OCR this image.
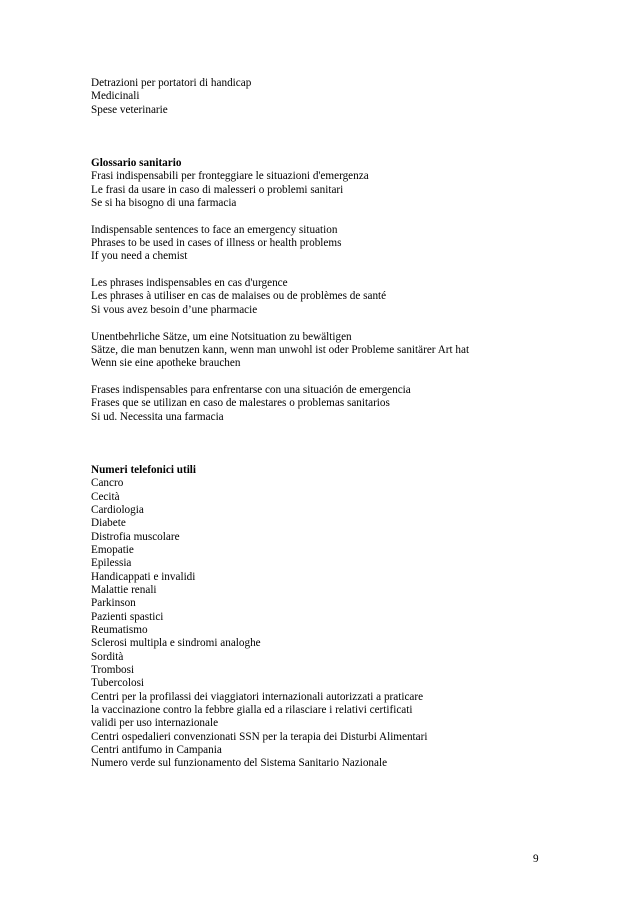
Detrazioni per portatori di handicap
Medicinali
Spese veterinarie
Glossario sanitario
Frasi indispensabili per fronteggiare le situazioni d'emergenza
Le frasi da usare in caso di malesseri o problemi sanitari
Se si ha bisogno di una farmacia
Indispensable sentences to face an emergency situation
Phrases to be used in cases of illness or health problems
If you need a chemist
Les phrases indispensables en cas d'urgence
Les phrases à utiliser en cas de malaises ou de problèmes de santé
Si vous avez besoin d’une pharmacie
Unentbehrliche Sätze, um eine Notsituation zu bewältigen
Sätze, die man benutzen kann, wenn man unwohl ist oder Probleme sanitärer Art hat
Wenn sie eine apotheke brauchen
Frases indispensables para enfrentarse con una situación de emergencia
Frases que se utilizan en caso de malestares o problemas sanitarios
Si ud. Necessita una farmacia
Numeri telefonici utili
Cancro
Cecità
Cardiologia
Diabete
Distrofia muscolare
Emopatie
Epilessia
Handicappati e invalidi
Malattie renali
Parkinson
Pazienti spastici
Reumatismo
Sclerosi multipla e sindromi analoghe
Sordità
Trombosi
Tubercolosi
Centri per la profilassi dei viaggiatori internazionali autorizzati a praticare
la vaccinazione contro la febbre gialla ed a rilasciare i relativi certificati
validi per uso internazionale
Centri ospedalieri convenzionati SSN per la terapia dei Disturbi Alimentari
Centri antifumo in Campania
Numero verde sul funzionamento del Sistema Sanitario Nazionale
9
